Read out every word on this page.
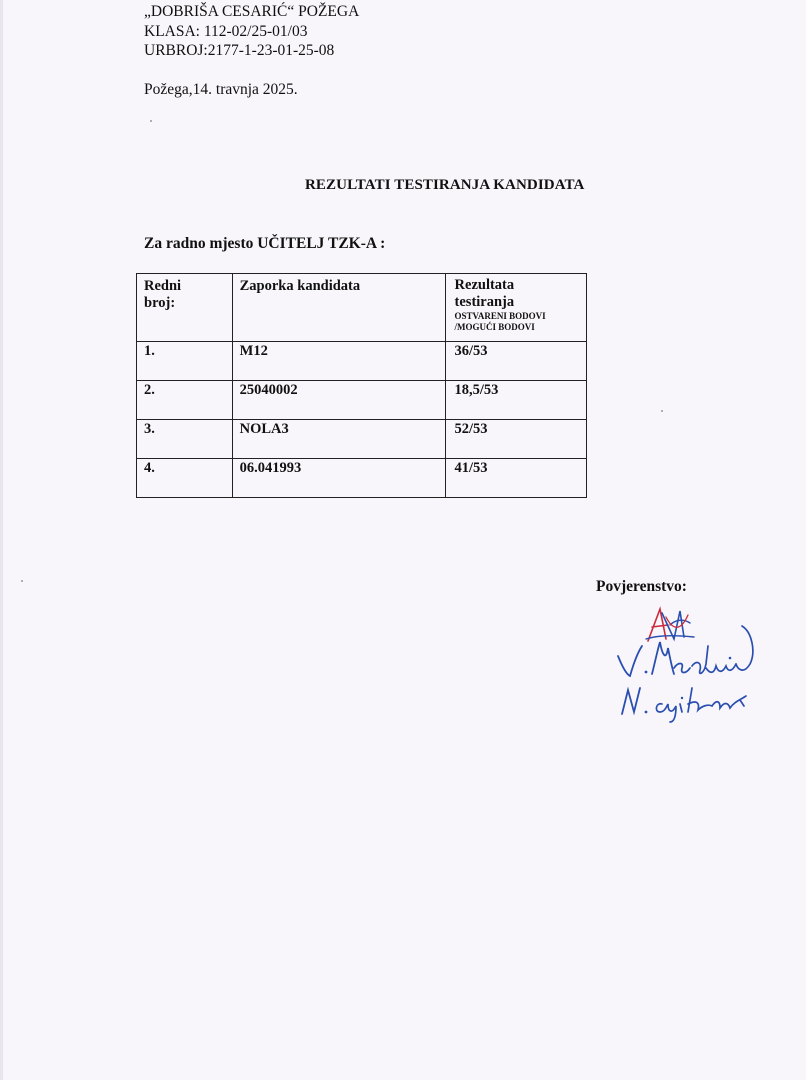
„DOBRIŠA CESARIĆ“ POŽEGA
KLASA: 112-02/25-01/03
URBROJ:2177-1-23-01-25-08
Požega,14. travnja 2025.
REZULTATI TESTIRANJA KANDIDATA
Za radno mjesto UČITELJ TZK-A :
Redni
broj:	Zaporka kandidata	Rezultata
testiranja
OSTVARENI BODOVI
/MOGUĆI BODOVI

1.	M12	36/53

2.	25040002	18,5/53

3.	NOLA3	52/53

4.	06.041993	41/53
Povjerenstvo:
